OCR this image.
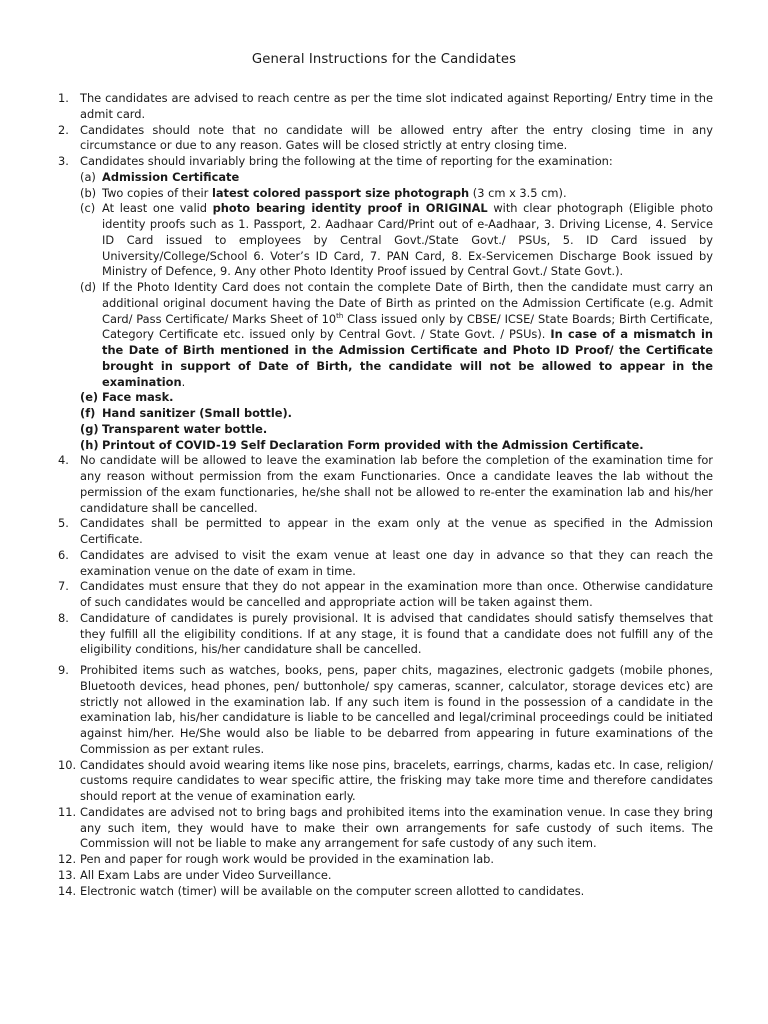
General Instructions for the Candidates
1. The candidates are advised to reach centre as per the time slot indicated against Reporting/ Entry time in the admit card.
2. Candidates should note that no candidate will be allowed entry after the entry closing time in any circumstance or due to any reason. Gates will be closed strictly at entry closing time.
3. Candidates should invariably bring the following at the time of reporting for the examination:
(a) Admission Certificate
(b) Two copies of their latest colored passport size photograph (3 cm x 3.5 cm).
(c) At least one valid photo bearing identity proof in ORIGINAL with clear photograph (Eligible photo identity proofs such as 1. Passport, 2. Aadhaar Card/Print out of e-Aadhaar, 3. Driving License, 4. Service ID Card issued to employees by Central Govt./State Govt./ PSUs, 5. ID Card issued by University/College/School 6. Voter’s ID Card, 7. PAN Card, 8. Ex-Servicemen Discharge Book issued by Ministry of Defence, 9. Any other Photo Identity Proof issued by Central Govt./ State Govt.).
(d) If the Photo Identity Card does not contain the complete Date of Birth, then the candidate must carry an additional original document having the Date of Birth as printed on the Admission Certificate (e.g. Admit Card/ Pass Certificate/ Marks Sheet of 10th Class issued only by CBSE/ ICSE/ State Boards; Birth Certificate, Category Certificate etc. issued only by Central Govt. / State Govt. / PSUs). In case of a mismatch in the Date of Birth mentioned in the Admission Certificate and Photo ID Proof/ the Certificate brought in support of Date of Birth, the candidate will not be allowed to appear in the examination.
(e) Face mask.
(f) Hand sanitizer (Small bottle).
(g) Transparent water bottle.
(h) Printout of COVID-19 Self Declaration Form provided with the Admission Certificate.
4. No candidate will be allowed to leave the examination lab before the completion of the examination time for any reason without permission from the exam Functionaries. Once a candidate leaves the lab without the permission of the exam functionaries, he/she shall not be allowed to re-enter the examination lab and his/her candidature shall be cancelled.
5. Candidates shall be permitted to appear in the exam only at the venue as specified in the Admission Certificate.
6. Candidates are advised to visit the exam venue at least one day in advance so that they can reach the examination venue on the date of exam in time.
7. Candidates must ensure that they do not appear in the examination more than once. Otherwise candidature of such candidates would be cancelled and appropriate action will be taken against them.
8. Candidature of candidates is purely provisional. It is advised that candidates should satisfy themselves that they fulfill all the eligibility conditions. If at any stage, it is found that a candidate does not fulfill any of the eligibility conditions, his/her candidature shall be cancelled.
9. Prohibited items such as watches, books, pens, paper chits, magazines, electronic gadgets (mobile phones, Bluetooth devices, head phones, pen/ buttonhole/ spy cameras, scanner, calculator, storage devices etc) are strictly not allowed in the examination lab. If any such item is found in the possession of a candidate in the examination lab, his/her candidature is liable to be cancelled and legal/criminal proceedings could be initiated against him/her. He/She would also be liable to be debarred from appearing in future examinations of the Commission as per extant rules.
10. Candidates should avoid wearing items like nose pins, bracelets, earrings, charms, kadas etc. In case, religion/ customs require candidates to wear specific attire, the frisking may take more time and therefore candidates should report at the venue of examination early.
11. Candidates are advised not to bring bags and prohibited items into the examination venue. In case they bring any such item, they would have to make their own arrangements for safe custody of such items. The Commission will not be liable to make any arrangement for safe custody of any such item.
12. Pen and paper for rough work would be provided in the examination lab.
13. All Exam Labs are under Video Surveillance.
14. Electronic watch (timer) will be available on the computer screen allotted to candidates.
